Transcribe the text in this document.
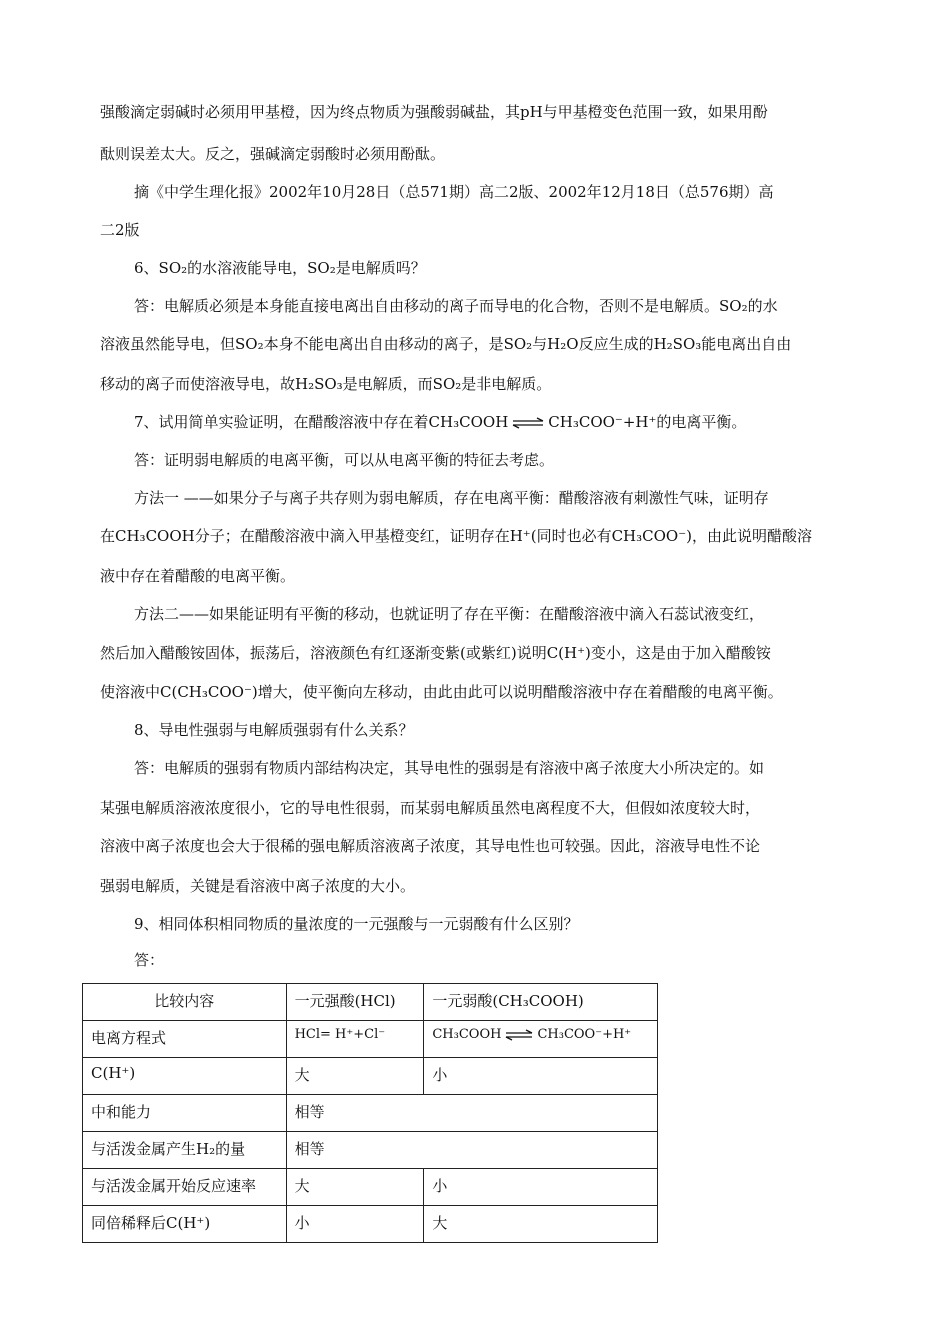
强酸滴定弱碱时必须用甲基橙，因为终点物质为强酸弱碱盐，其pH与甲基橙变色范围一致，如果用酚
酞则误差太大。反之，强碱滴定弱酸时必须用酚酞。
摘《中学生理化报》2002年10月28日（总571期）高二2版、2002年12月18日（总576期）高
二2版
6、SO₂的水溶液能导电，SO₂是电解质吗？
答：电解质必须是本身能直接电离出自由移动的离子而导电的化合物，否则不是电解质。SO₂的水
溶液虽然能导电，但SO₂本身不能电离出自由移动的离子，是SO₂与H₂O反应生成的H₂SO₃能电离出自由
移动的离子而使溶液导电，故H₂SO₃是电解质，而SO₂是非电解质。
7、试用简单实验证明，在醋酸溶液中存在着CH₃COOH ⇌ CH₃COO⁻+H⁺的电离平衡。
答：证明弱电解质的电离平衡，可以从电离平衡的特征去考虑。
方法一 ——如果分子与离子共存则为弱电解质，存在电离平衡：醋酸溶液有刺激性气味，证明存
在CH₃COOH分子；在醋酸溶液中滴入甲基橙变红，证明存在H⁺(同时也必有CH₃COO⁻)，由此说明醋酸溶
液中存在着醋酸的电离平衡。
方法二——如果能证明有平衡的移动，也就证明了存在平衡：在醋酸溶液中滴入石蕊试液变红，
然后加入醋酸铵固体，振荡后，溶液颜色有红逐渐变紫(或紫红)说明C(H⁺)变小，这是由于加入醋酸铵
使溶液中C(CH₃COO⁻)增大，使平衡向左移动，由此由此可以说明醋酸溶液中存在着醋酸的电离平衡。
8、导电性强弱与电解质强弱有什么关系？
答：电解质的强弱有物质内部结构决定，其导电性的强弱是有溶液中离子浓度大小所决定的。如
某强电解质溶液浓度很小，它的导电性很弱，而某弱电解质虽然电离程度不大，但假如浓度较大时，
溶液中离子浓度也会大于很稀的强电解质溶液离子浓度，其导电性也可较强。因此，溶液导电性不论
强弱电解质，关键是看溶液中离子浓度的大小。
9、相同体积相同物质的量浓度的一元强酸与一元弱酸有什么区别？
答：
比较内容	一元强酸(HCl)	一元弱酸(CH₃COOH)
电离方程式	HCl= H⁺+Cl⁻	CH₃COOH ⇌ CH₃COO⁻+H⁺
C(H⁺)	大	小
中和能力	相等	
与活泼金属产生H₂的量	相等	
与活泼金属开始反应速率	大	小
同倍稀释后C(H⁺)	小	大
